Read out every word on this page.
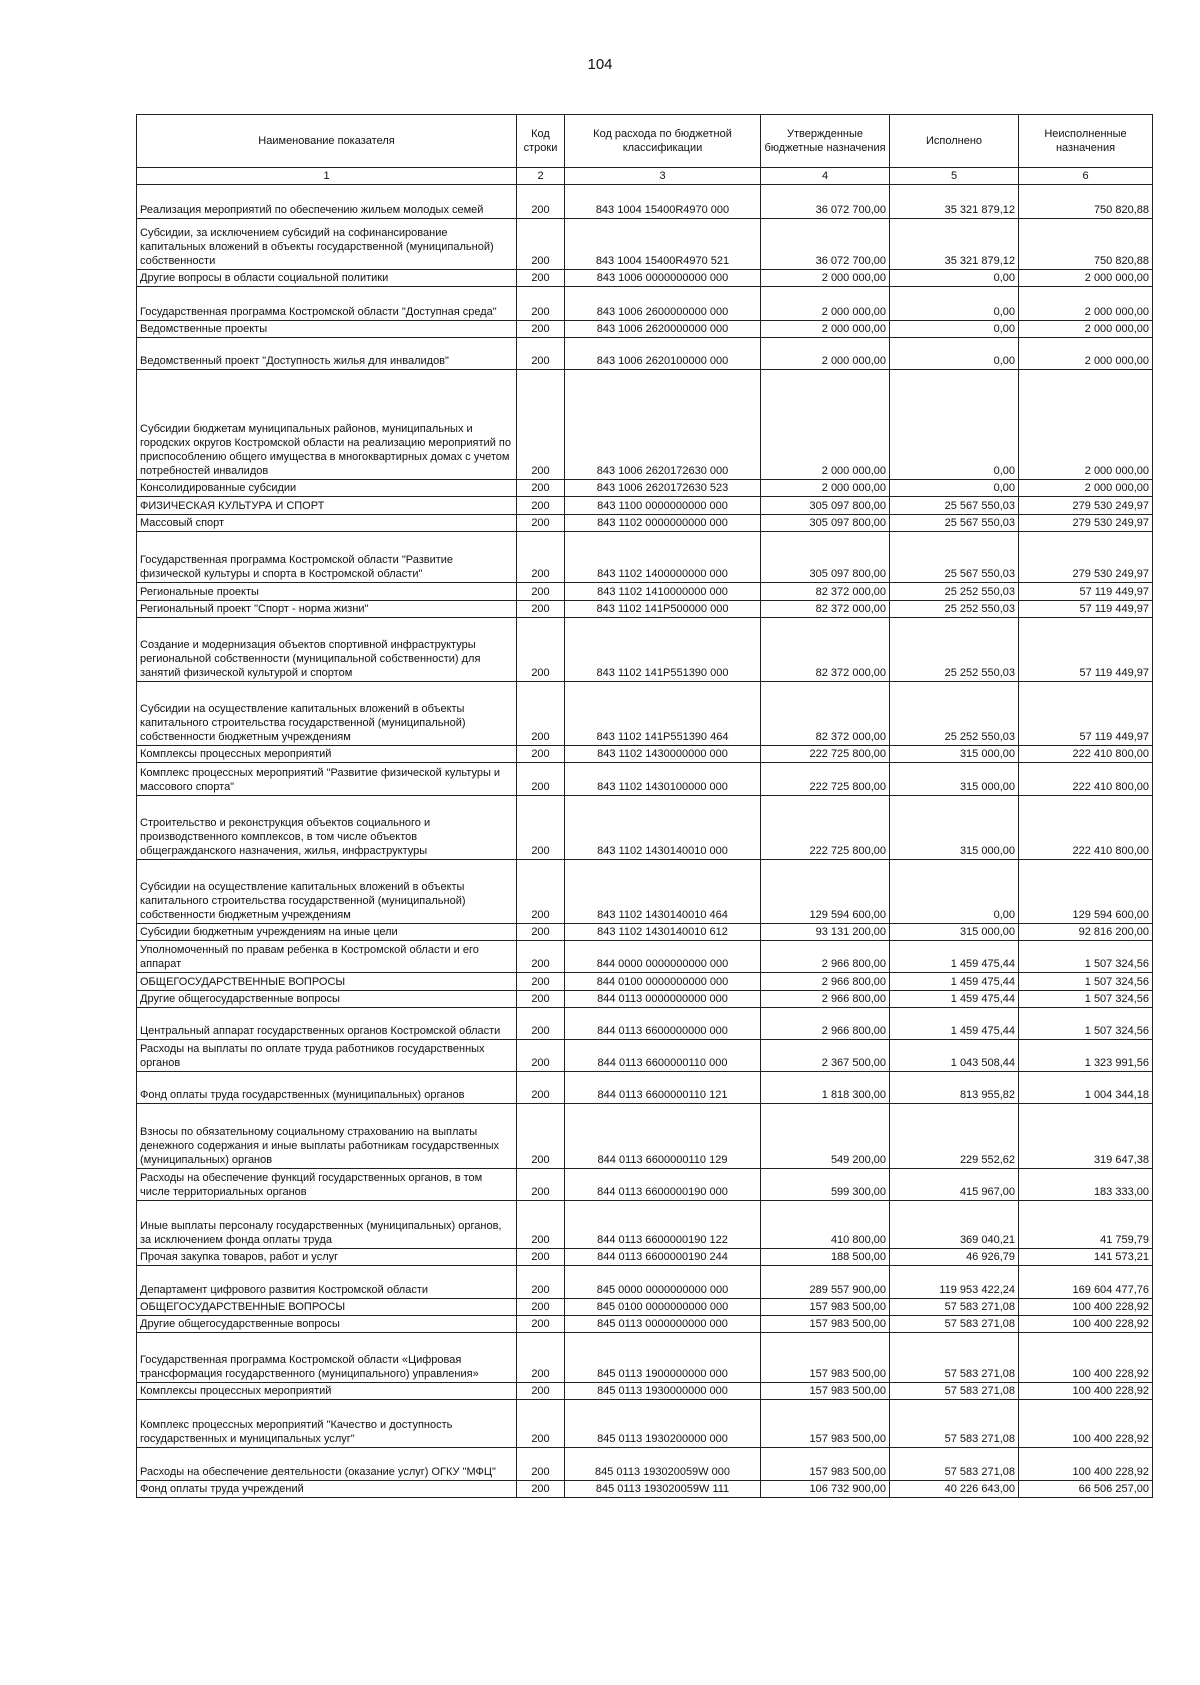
104
Наименование показателя	Код строки	Код расхода по бюджетной классификации	Утвержденные бюджетные назначения	Исполнено	Неисполненные назначения
1	2	3	4	5	6
Реализация мероприятий по обеспечению жильем молодых семей	200	843 1004 15400R4970 000	36 072 700,00	35 321 879,12	750 820,88
Субсидии, за исключением субсидий на софинансирование капитальных вложений в объекты государственной (муниципальной) собственности	200	843 1004 15400R4970 521	36 072 700,00	35 321 879,12	750 820,88
Другие вопросы в области социальной политики	200	843 1006 0000000000 000	2 000 000,00	0,00	2 000 000,00
Государственная программа Костромской области "Доступная среда"	200	843 1006 2600000000 000	2 000 000,00	0,00	2 000 000,00
Ведомственные проекты	200	843 1006 2620000000 000	2 000 000,00	0,00	2 000 000,00
Ведомственный проект "Доступность жилья для инвалидов"	200	843 1006 2620100000 000	2 000 000,00	0,00	2 000 000,00
Субсидии бюджетам муниципальных районов, муниципальных и городских округов Костромской области на реализацию мероприятий по приспособлению общего имущества в многоквартирных домах с учетом потребностей инвалидов	200	843 1006 2620172630 000	2 000 000,00	0,00	2 000 000,00
Консолидированные субсидии	200	843 1006 2620172630 523	2 000 000,00	0,00	2 000 000,00
ФИЗИЧЕСКАЯ КУЛЬТУРА И СПОРТ	200	843 1100 0000000000 000	305 097 800,00	25 567 550,03	279 530 249,97
Массовый спорт	200	843 1102 0000000000 000	305 097 800,00	25 567 550,03	279 530 249,97
Государственная программа Костромской области "Развитие физической культуры и спорта в Костромской области"	200	843 1102 1400000000 000	305 097 800,00	25 567 550,03	279 530 249,97
Региональные проекты	200	843 1102 1410000000 000	82 372 000,00	25 252 550,03	57 119 449,97
Региональный проект "Спорт - норма жизни"	200	843 1102 141P500000 000	82 372 000,00	25 252 550,03	57 119 449,97
Создание и модернизация объектов спортивной инфраструктуры региональной собственности (муниципальной собственности) для занятий физической культурой и спортом	200	843 1102 141P551390 000	82 372 000,00	25 252 550,03	57 119 449,97
Субсидии на осуществление капитальных вложений в объекты капитального строительства государственной (муниципальной) собственности бюджетным учреждениям	200	843 1102 141P551390 464	82 372 000,00	25 252 550,03	57 119 449,97
Комплексы процессных мероприятий	200	843 1102 1430000000 000	222 725 800,00	315 000,00	222 410 800,00
Комплекс процессных мероприятий "Развитие физической культуры и массового спорта"	200	843 1102 1430100000 000	222 725 800,00	315 000,00	222 410 800,00
Строительство и реконструкция объектов социального и производственного комплексов, в том числе объектов общегражданского назначения, жилья, инфраструктуры	200	843 1102 1430140010 000	222 725 800,00	315 000,00	222 410 800,00
Субсидии на осуществление капитальных вложений в объекты капитального строительства государственной (муниципальной) собственности бюджетным учреждениям	200	843 1102 1430140010 464	129 594 600,00	0,00	129 594 600,00
Субсидии бюджетным учреждениям на иные цели	200	843 1102 1430140010 612	93 131 200,00	315 000,00	92 816 200,00
Уполномоченный по правам ребенка в Костромской области и его аппарат	200	844 0000 0000000000 000	2 966 800,00	1 459 475,44	1 507 324,56
ОБЩЕГОСУДАРСТВЕННЫЕ ВОПРОСЫ	200	844 0100 0000000000 000	2 966 800,00	1 459 475,44	1 507 324,56
Другие общегосударственные вопросы	200	844 0113 0000000000 000	2 966 800,00	1 459 475,44	1 507 324,56
Центральный аппарат государственных органов Костромской области	200	844 0113 6600000000 000	2 966 800,00	1 459 475,44	1 507 324,56
Расходы на выплаты по оплате труда работников государственных органов	200	844 0113 6600000110 000	2 367 500,00	1 043 508,44	1 323 991,56
Фонд оплаты труда государственных (муниципальных) органов	200	844 0113 6600000110 121	1 818 300,00	813 955,82	1 004 344,18
Взносы по обязательному социальному страхованию на выплаты денежного содержания и иные выплаты работникам государственных (муниципальных) органов	200	844 0113 6600000110 129	549 200,00	229 552,62	319 647,38
Расходы на обеспечение функций государственных органов, в том числе территориальных органов	200	844 0113 6600000190 000	599 300,00	415 967,00	183 333,00
Иные выплаты персоналу государственных (муниципальных) органов, за исключением фонда оплаты труда	200	844 0113 6600000190 122	410 800,00	369 040,21	41 759,79
Прочая закупка товаров, работ и услуг	200	844 0113 6600000190 244	188 500,00	46 926,79	141 573,21
Департамент цифрового развития Костромской области	200	845 0000 0000000000 000	289 557 900,00	119 953 422,24	169 604 477,76
ОБЩЕГОСУДАРСТВЕННЫЕ ВОПРОСЫ	200	845 0100 0000000000 000	157 983 500,00	57 583 271,08	100 400 228,92
Другие общегосударственные вопросы	200	845 0113 0000000000 000	157 983 500,00	57 583 271,08	100 400 228,92
Государственная программа Костромской области «Цифровая трансформация государственного (муниципального) управления»	200	845 0113 1900000000 000	157 983 500,00	57 583 271,08	100 400 228,92
Комплексы процессных мероприятий	200	845 0113 1930000000 000	157 983 500,00	57 583 271,08	100 400 228,92
Комплекс процессных мероприятий "Качество и доступность государственных и муниципальных услуг"	200	845 0113 1930200000 000	157 983 500,00	57 583 271,08	100 400 228,92
Расходы на обеспечение деятельности (оказание услуг) ОГКУ "МФЦ"	200	845 0113 193020059W 000	157 983 500,00	57 583 271,08	100 400 228,92
Фонд оплаты труда учреждений	200	845 0113 193020059W 111	106 732 900,00	40 226 643,00	66 506 257,00
